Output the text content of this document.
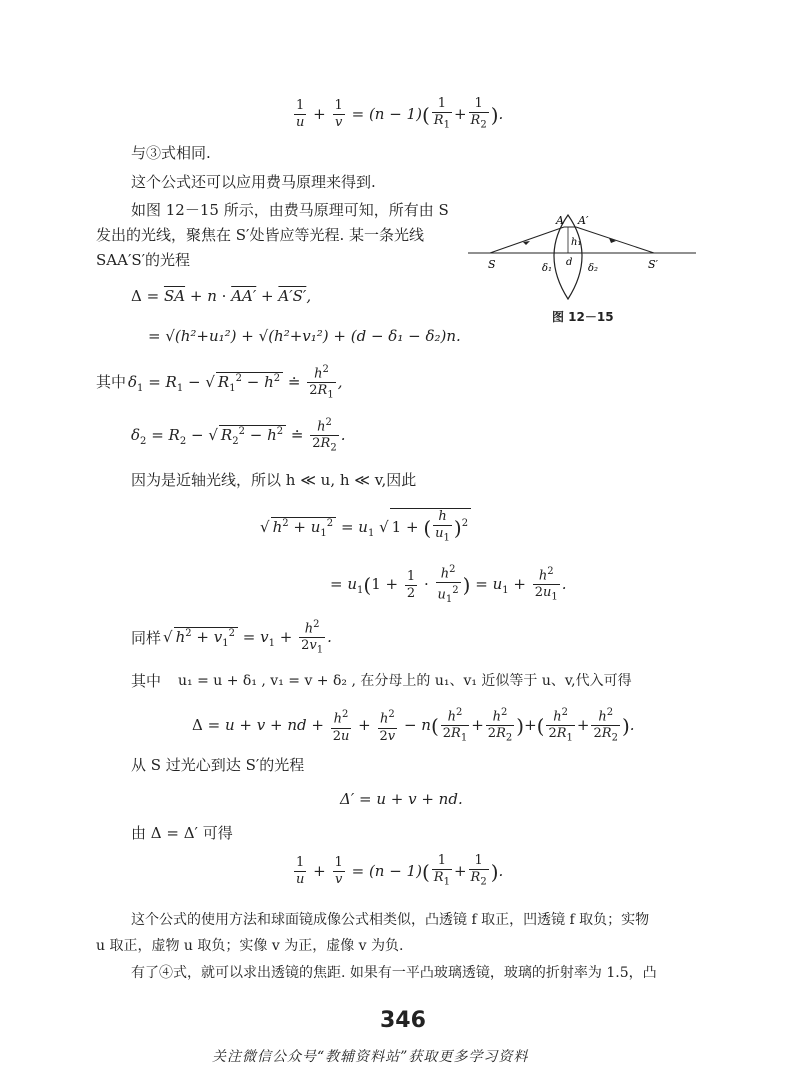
$\frac{1}{u} + \frac{1}{v} = (n - 1)( \frac{1}{R_1} + \frac{1}{R_2}$ ).
与③式相同.
这个公式还可以应用费马原理来得到.
如图 12－15 所示，由费马原理可知，所有由 S
发出的光线，聚焦在 S′处皆应等光程. 某一条光线
SAA′S′的光程
A A′
h₁
S	S′
d
δ₁	δ₂
图 12－15
$\Delta = \overline{SA} + n \cdot AA' + A'S'$,
= √(h²+u₁²) + √(h²+v₁²) + (d − δ₁ − δ₂)n.
其中 $\delta_1 = R_1$ − √ $R_1^2 - h^2$ ≐ $\frac{h^2}{2R_1}$ ,
$\delta_2 = R_2$ − √ $R_2^2 - h^2$ ≐ $\frac{h^2}{2R_2}$ .
因为是近轴光线，所以 h ≪ u, h ≪ v,因此
√ $h^2 + u_1^2 = u_1$ √ 1 + ( $\frac{h}{u_1} )^2$
= $u_1(1 + \frac{1}{2} \cdot \frac{h^2}{u_1^2}$ ) = $u_1 + \frac{h^2}{2u_1}$ .
同样 √ $h^2 + v_1^2 = v_1 + \frac{h^2}{2v_1}$ .
其中 u₁ = u + δ₁ , v₁ = v + δ₂ , 在分母上的 u₁、v₁ 近似等于 u、v,代入可得
Δ = u + v + nd + $\frac{h^2}{2u} + \frac{h^2}{2v} - n( \frac{h^2}{2R_1} + \frac{h^2}{2R_2}$ )+( $\frac{h^2}{2R_1} + \frac{h^2}{2R_2}$ ).
从 S 过光心到达 S′的光程
Δ′ = u + v + nd.
由 Δ = Δ′ 可得
$\frac{1}{u} + \frac{1}{v} = (n - 1)( \frac{1}{R_1} + \frac{1}{R_2}$ ).
这个公式的使用方法和球面镜成像公式相类似，凸透镜 f 取正，凹透镜 f 取负；实物
u 取正，虚物 u 取负；实像 v 为正，虚像 v 为负.
有了④式，就可以求出透镜的焦距. 如果有一平凸玻璃透镜，玻璃的折射率为 1.5，凸
346
关注微信公众号“教辅资料站”获取更多学习资料
